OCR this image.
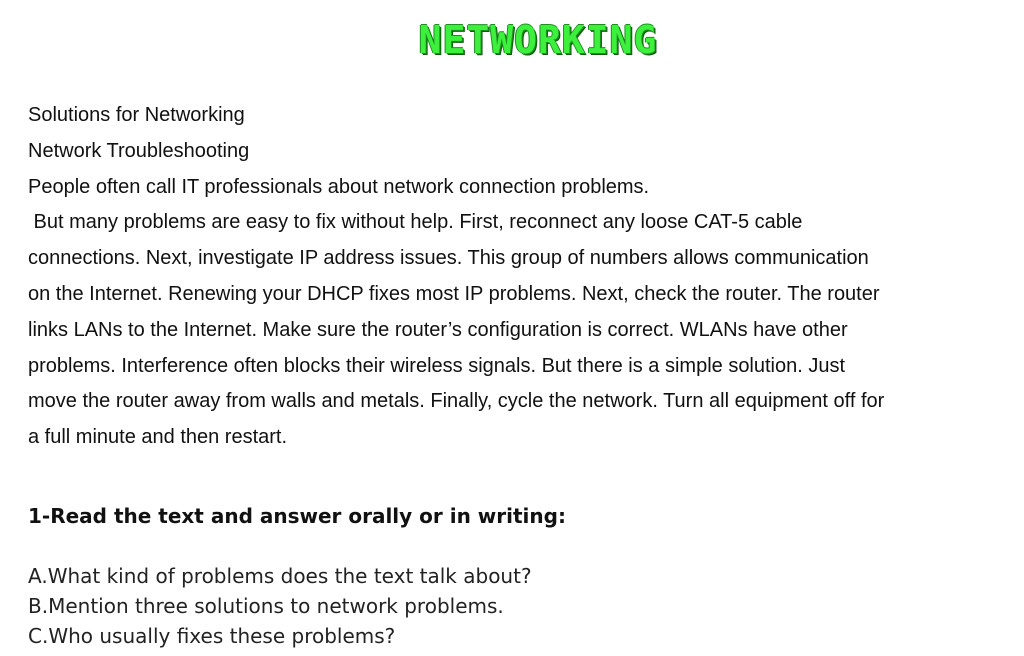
NETWORKING
Solutions for Networking
Network Troubleshooting
People often call IT professionals about network connection problems.
But many problems are easy to fix without help. First, reconnect any loose CAT-5 cable
connections. Next, investigate IP address issues. This group of numbers allows communication
on the Internet. Renewing your DHCP fixes most IP problems. Next, check the router. The router
links LANs to the Internet. Make sure the router’s configuration is correct. WLANs have other
problems. Interference often blocks their wireless signals. But there is a simple solution. Just
move the router away from walls and metals. Finally, cycle the network. Turn all equipment off for
a full minute and then restart.
1-Read the text and answer orally or in writing:
A.What kind of problems does the text talk about?
B.Mention three solutions to network problems.
C.Who usually fixes these problems?
